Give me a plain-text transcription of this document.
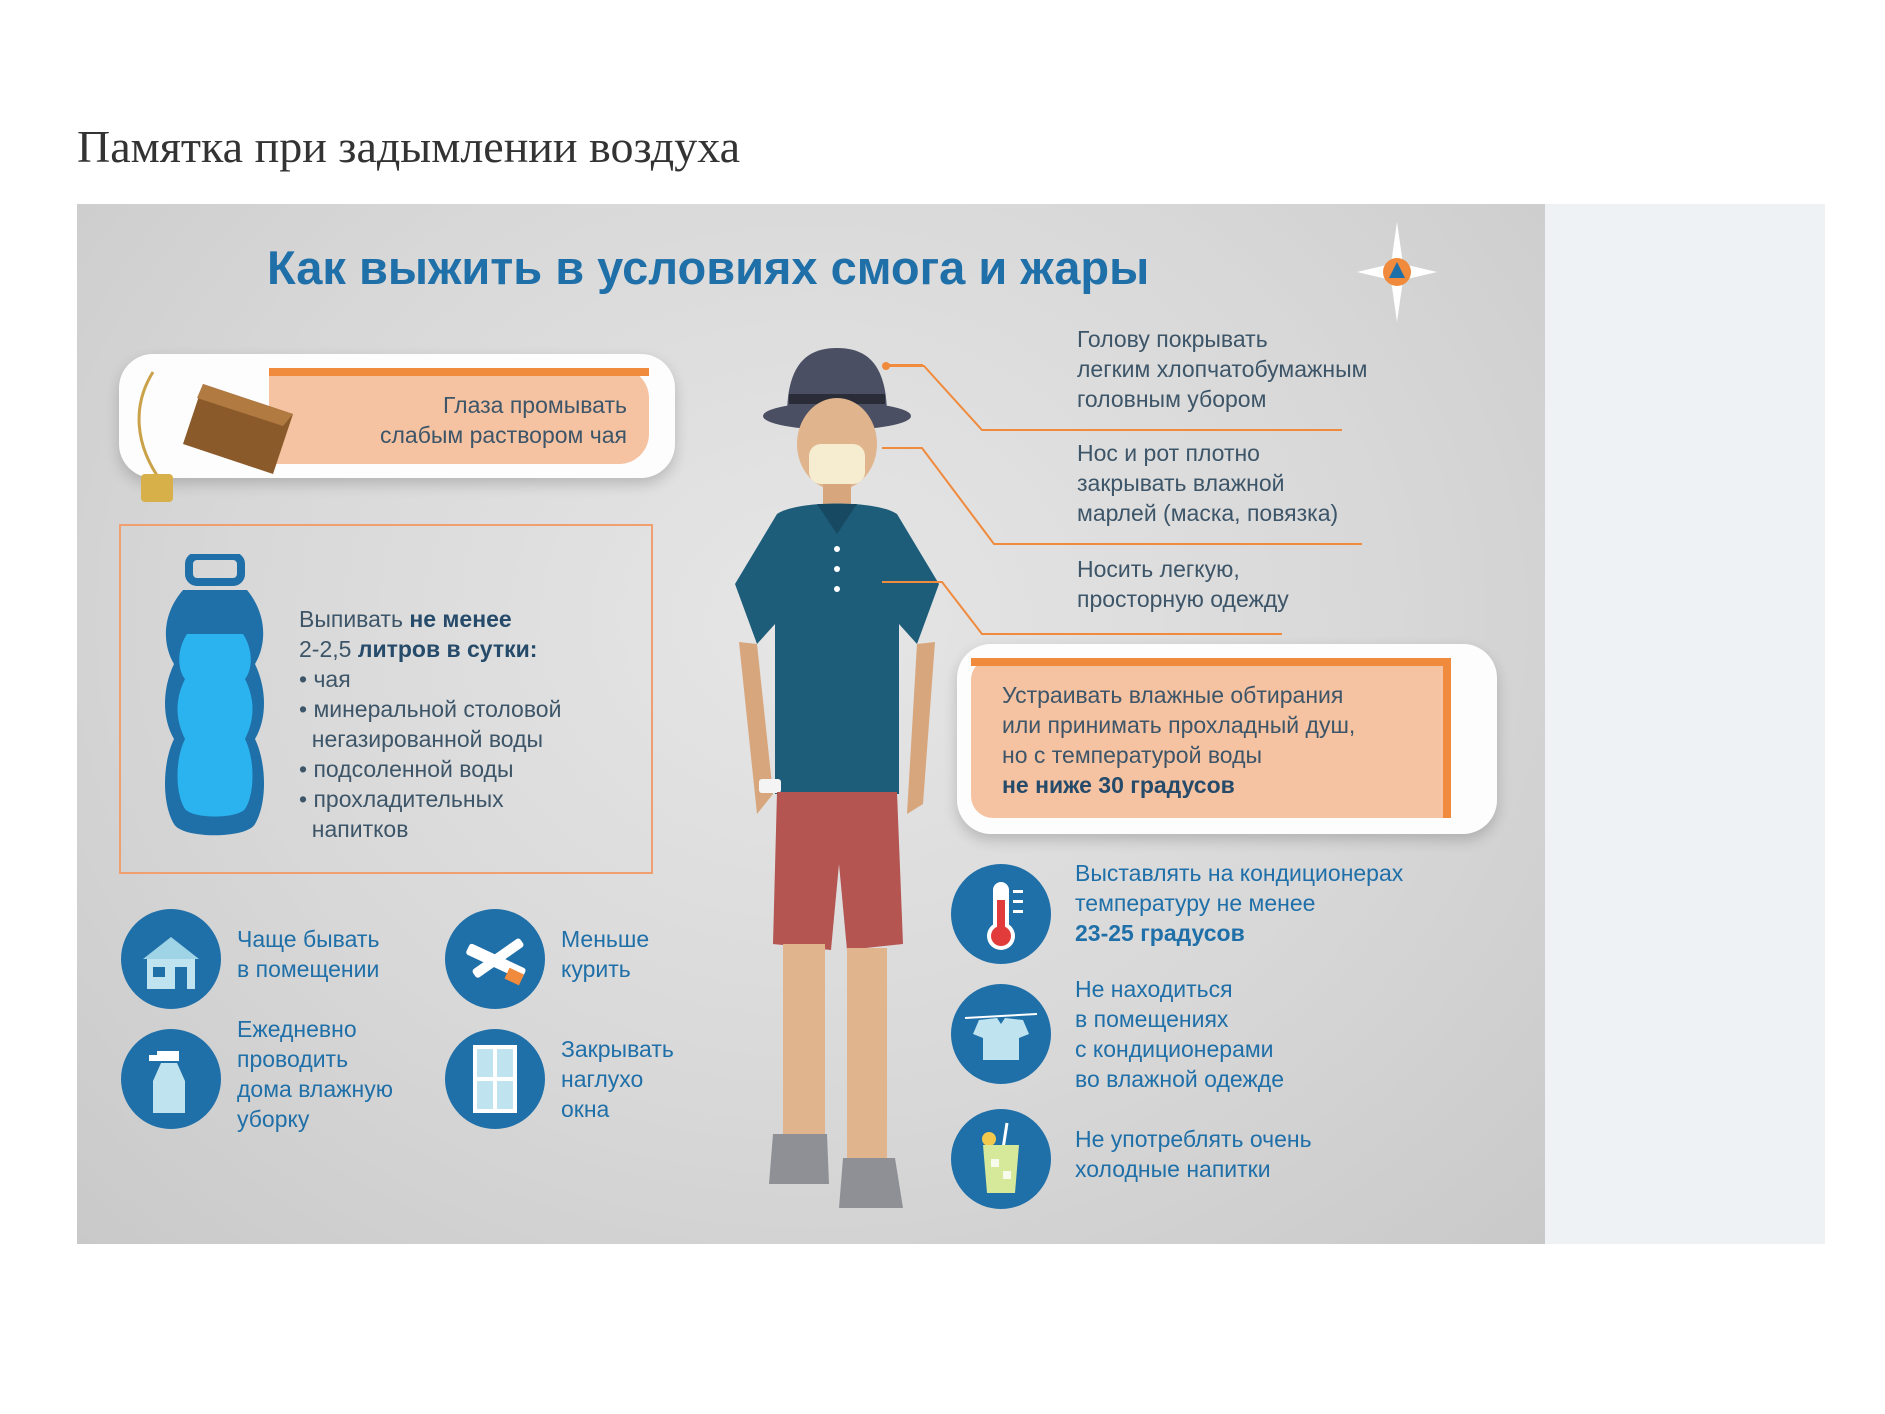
Памятка при задымлении воздуха
Как выжить в условиях смога и жары
Глаза промывать
слабым раствором чая
Выпивать не менее
2-2,5 литров в сутки:
• чая
• минеральной столовой
негазированной воды
• подсоленной воды
• прохладительных
напитков
Чаще бывать
в помещении
Меньше
курить
Ежедневно
проводить
дома влажную
уборку
Закрывать
наглухо
окна
Голову покрывать
легким хлопчатобумажным
головным убором
Нос и рот плотно
закрывать влажной
марлей (маска, повязка)
Носить легкую,
просторную одежду
Устраивать влажные обтирания
или принимать прохладный душ,
но с температурой воды
не ниже 30 градусов
Выставлять на кондиционерах
температуру не менее
23-25 градусов
Не находиться
в помещениях
с кондиционерами
во влажной одежде
Не употреблять очень
холодные напитки
